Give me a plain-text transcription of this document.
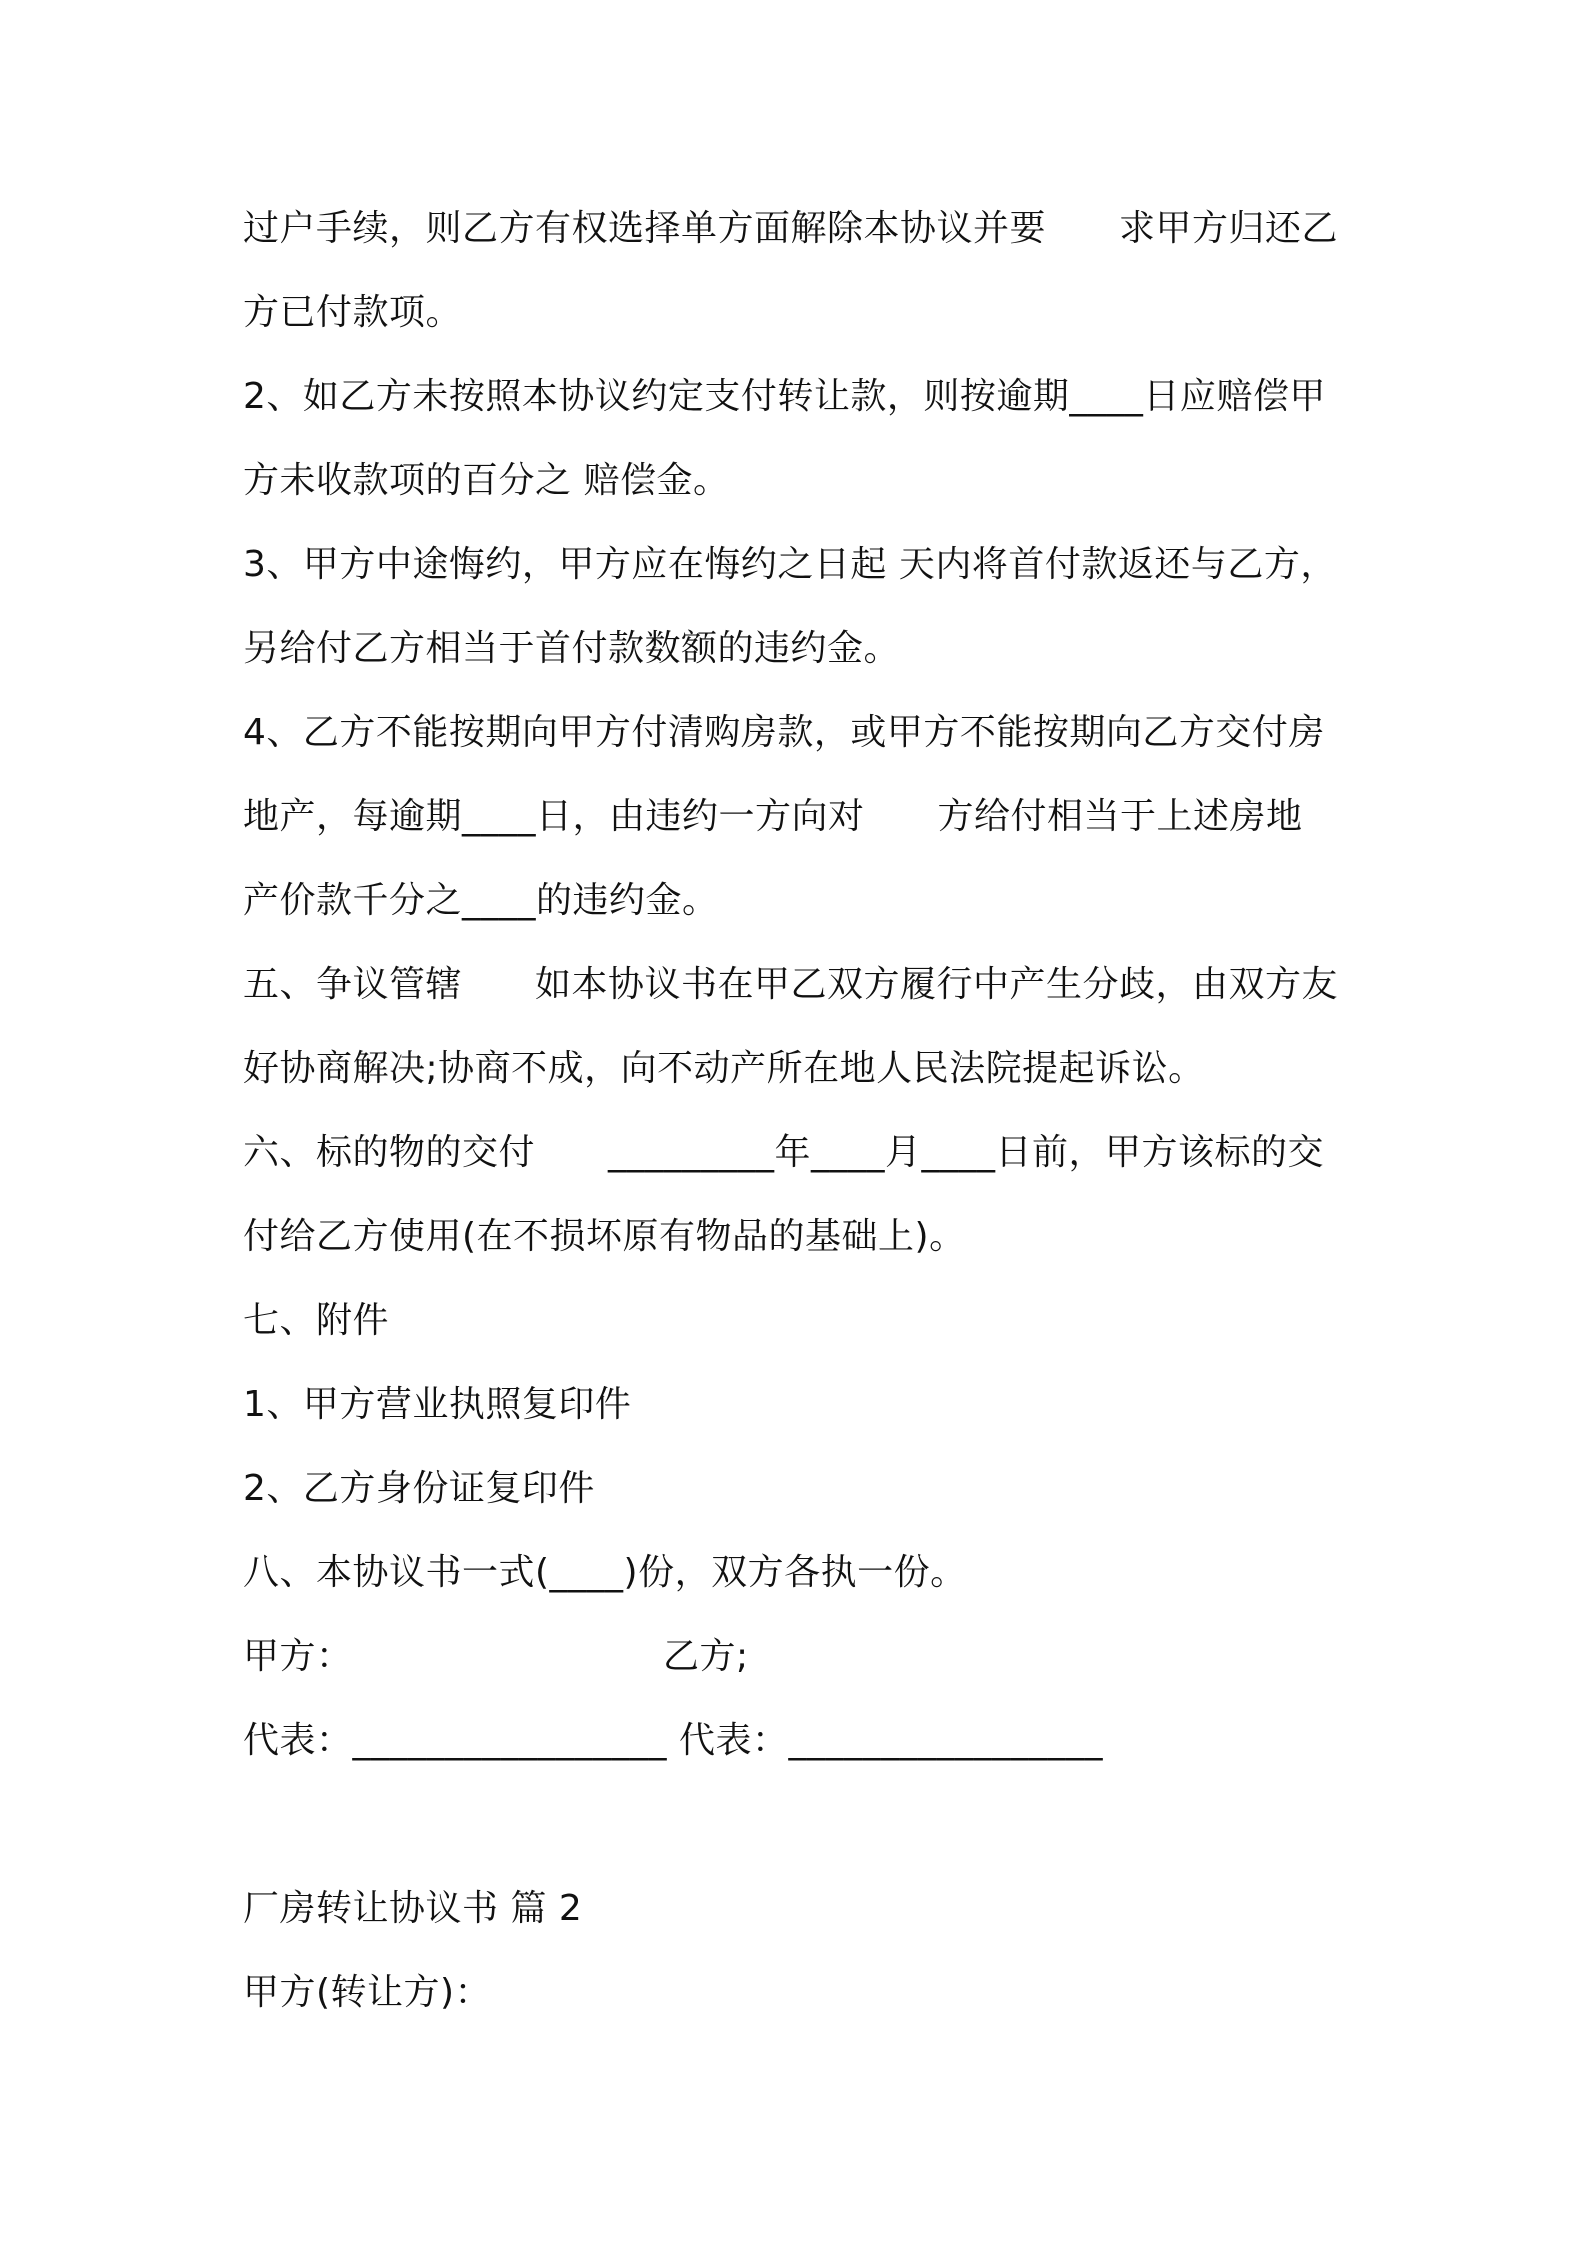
过户手续，则乙方有权选择单方面解除本协议并要　　求甲方归还乙
方已付款项。
2、如乙方未按照本协议约定支付转让款，则按逾期____日应赔偿甲
方未收款项的百分之 赔偿金。
3、甲方中途悔约，甲方应在悔约之日起 天内将首付款返还与乙方，
另给付乙方相当于首付款数额的违约金。
4、乙方不能按期向甲方付清购房款，或甲方不能按期向乙方交付房
地产，每逾期____日，由违约一方向对　　方给付相当于上述房地
产价款千分之____的违约金。
五、争议管辖　　如本协议书在甲乙双方履行中产生分歧，由双方友
好协商解决;协商不成，向不动产所在地人民法院提起诉讼。
六、标的物的交付　　_________年____月____日前，甲方该标的交
付给乙方使用(在不损坏原有物品的基础上)。
七、附件
1、甲方营业执照复印件
2、乙方身份证复印件
八、本协议书一式(____)份，双方各执一份。
甲方：　　　　　　　　　乙方;
代表：_________________ 代表：_________________
厂房转让协议书 篇 2
甲方(转让方)：
